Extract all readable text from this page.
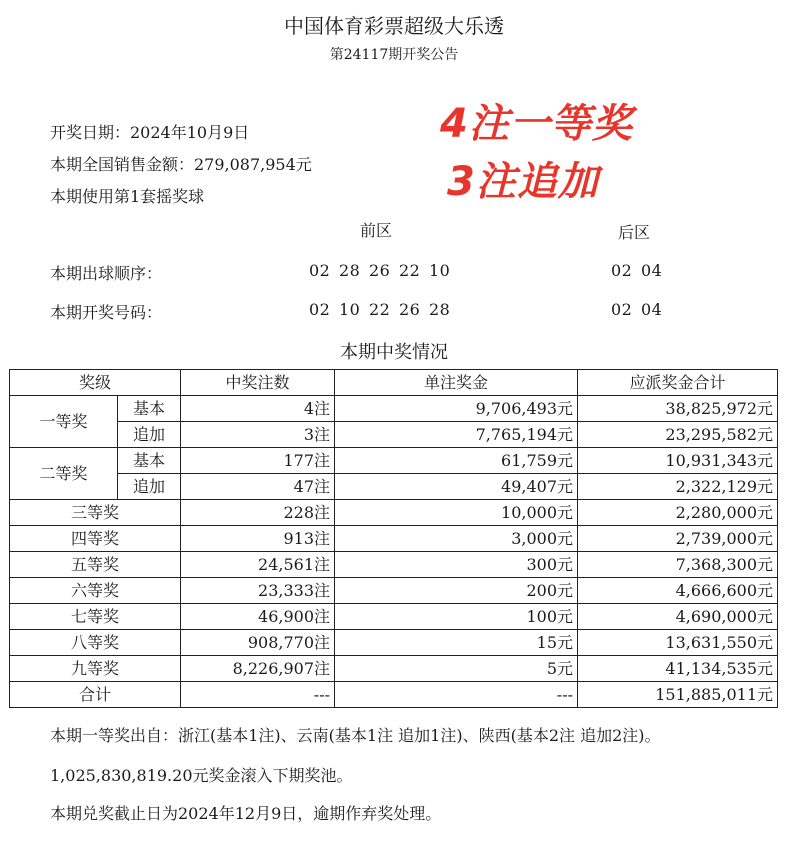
中国体育彩票超级大乐透
第24117期开奖公告
开奖日期：2024年10月9日
本期全国销售金额：279,087,954元
本期使用第1套摇奖球
4注一等奖
3注追加
前区	后区
本期出球顺序：	02 28 26 22 10	02 04
本期开奖号码：	02 10 22 26 28	02 04
本期中奖情况
奖级		中奖注数	单注奖金	应派奖金合计
一等奖	基本	4注	9,706,493元	38,825,972元
	追加	3注	7,765,194元	23,295,582元
二等奖	基本	177注	61,759元	10,931,343元
	追加	47注	49,407元	2,322,129元
三等奖		228注	10,000元	2,280,000元
四等奖		913注	3,000元	2,739,000元
五等奖		24,561注	300元	7,368,300元
六等奖		23,333注	200元	4,666,600元
七等奖		46,900注	100元	4,690,000元
八等奖		908,770注	15元	13,631,550元
九等奖		8,226,907注	5元	41,134,535元
合计		---	---	151,885,011元
本期一等奖出自：浙江(基本1注)、云南(基本1注 追加1注)、陕西(基本2注 追加2注)。
1,025,830,819.20元奖金滚入下期奖池。
本期兑奖截止日为2024年12月9日，逾期作弃奖处理。
